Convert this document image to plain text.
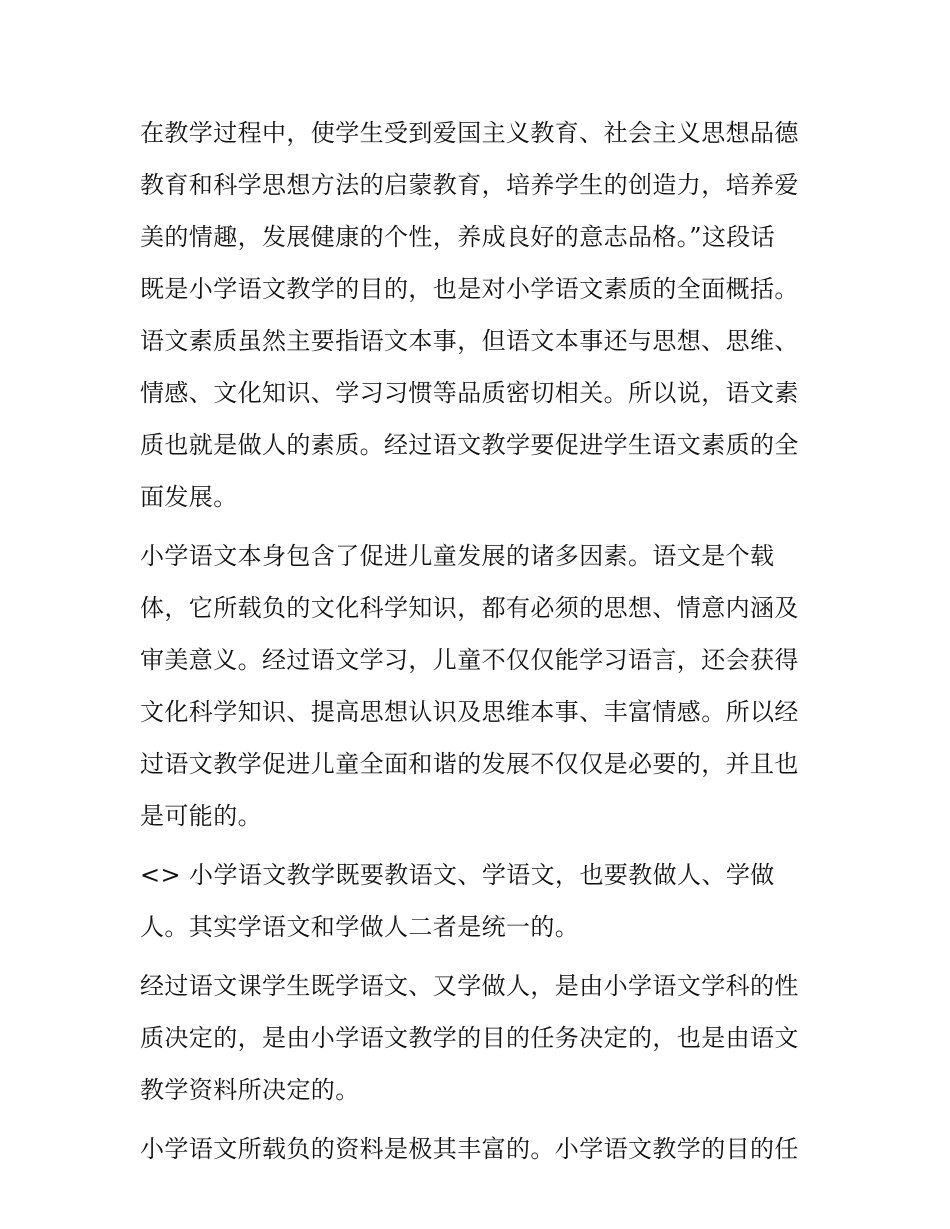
在教学过程中，使学生受到爱国主义教育、社会主义思想品德
教育和科学思想方法的启蒙教育，培养学生的创造力，培养爱
美的情趣，发展健康的个性，养成良好的意志品格。”这段话
既是小学语文教学的目的，也是对小学语文素质的全面概括。
语文素质虽然主要指语文本事，但语文本事还与思想、思维、
情感、文化知识、学习习惯等品质密切相关。所以说，语文素
质也就是做人的素质。经过语文教学要促进学生语文素质的全
面发展。
小学语文本身包含了促进儿童发展的诸多因素。语文是个载
体，它所载负的文化科学知识，都有必须的思想、情意内涵及
审美意义。经过语文学习，儿童不仅仅能学习语言，还会获得
文化科学知识、提高思想认识及思维本事、丰富情感。所以经
过语文教学促进儿童全面和谐的发展不仅仅是必要的，并且也
是可能的。
<> 小学语文教学既要教语文、学语文，也要教做人、学做
人。其实学语文和学做人二者是统一的。
经过语文课学生既学语文、又学做人，是由小学语文学科的性
质决定的，是由小学语文教学的目的任务决定的，也是由语文
教学资料所决定的。
小学语文所载负的资料是极其丰富的。小学语文教学的目的任
